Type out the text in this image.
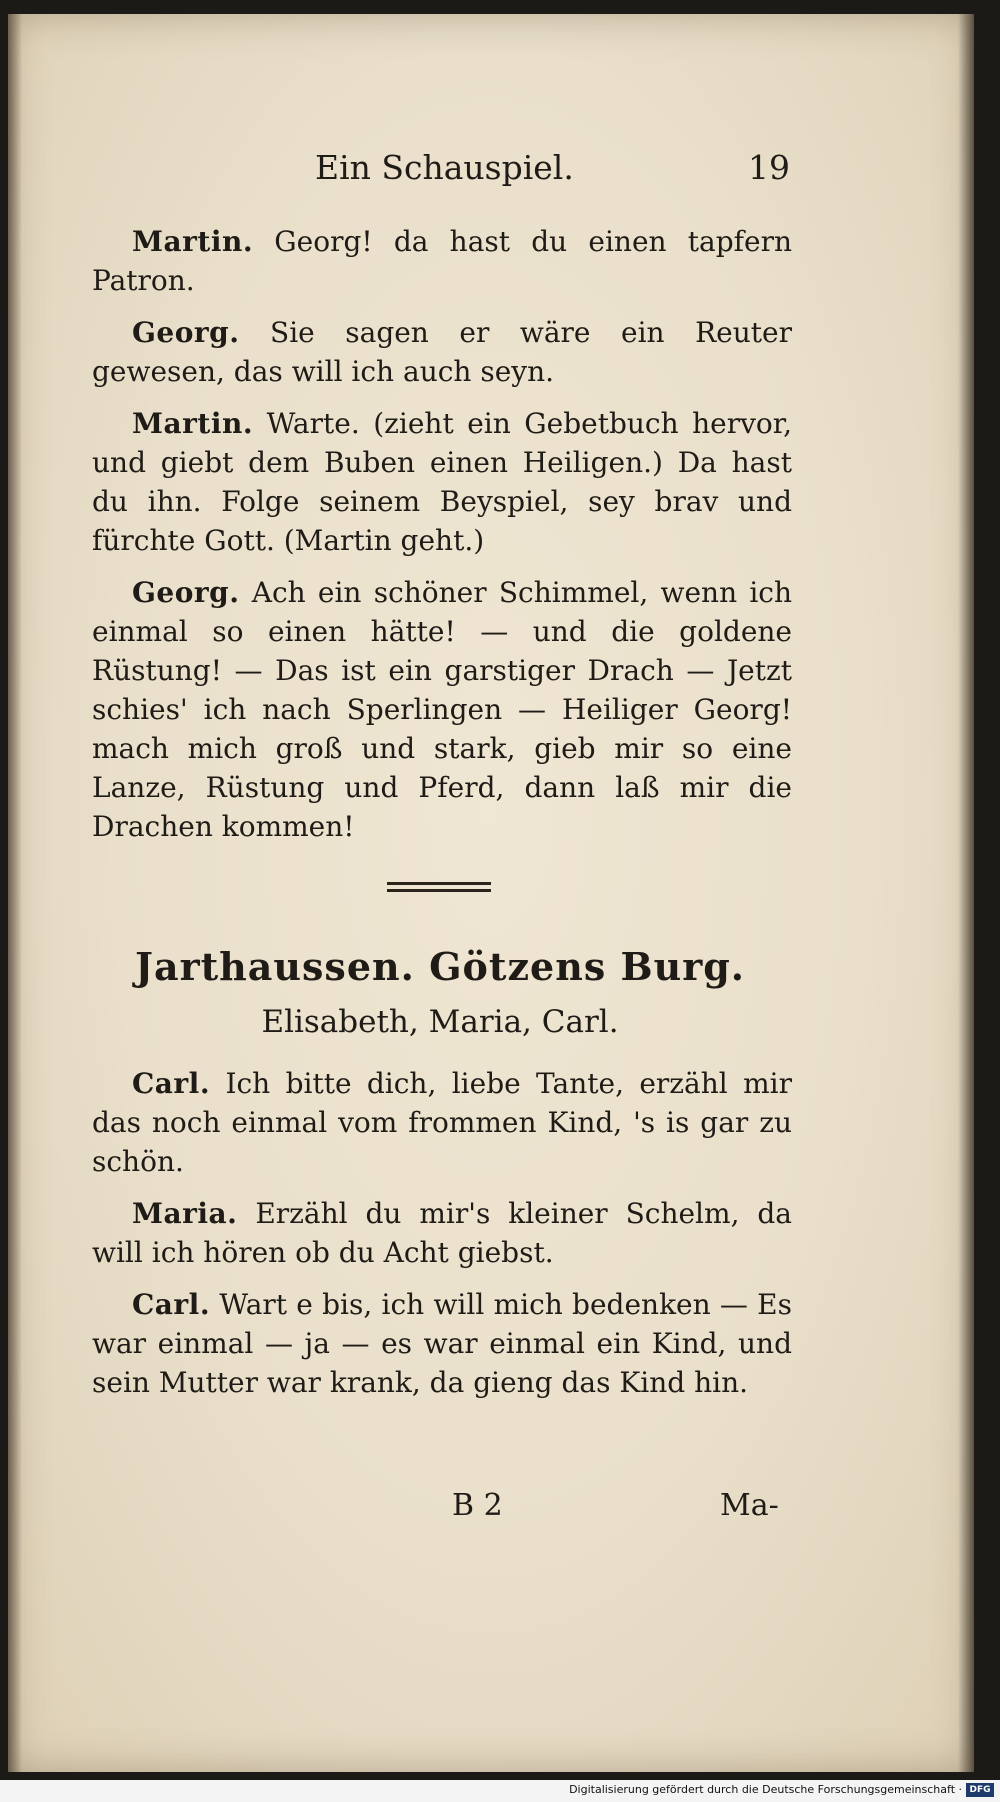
Ein Schauspiel.	19

Martin. Georg! da hast du einen tapfern Patron.

Georg. Sie sagen er wäre ein Reuter gewesen, das will ich auch seyn.

Martin. Warte. (zieht ein Gebetbuch hervor, und giebt dem Buben einen Heiligen.) Da hast du ihn. Folge seinem Beyspiel, sey brav und fürchte Gott. (Martin geht.)

Georg. Ach ein schöner Schimmel, wenn ich einmal so einen hätte! — und die goldene Rüstung! — Das ist ein garstiger Drach — Jetzt schies' ich nach Sperlingen — Heiliger Georg! mach mich groß und stark, gieb mir so eine Lanze, Rüstung und Pferd, dann laß mir die Drachen kommen!

Jarthaussen. Götzens Burg.
Elisabeth, Maria, Carl.

Carl. Ich bitte dich, liebe Tante, erzähl mir das noch einmal vom frommen Kind, 's is gar zu schön.

Maria. Erzähl du mir's kleiner Schelm, da will ich hören ob du Acht giebst.

Carl. Wart e bis, ich will mich bedenken — Es war einmal — ja — es war einmal ein Kind, und sein Mutter war krank, da gieng das Kind hin.

B 2	Ma-
Digitalisierung gefördert durch die Deutsche Forschungsgemeinschaft · DFG
